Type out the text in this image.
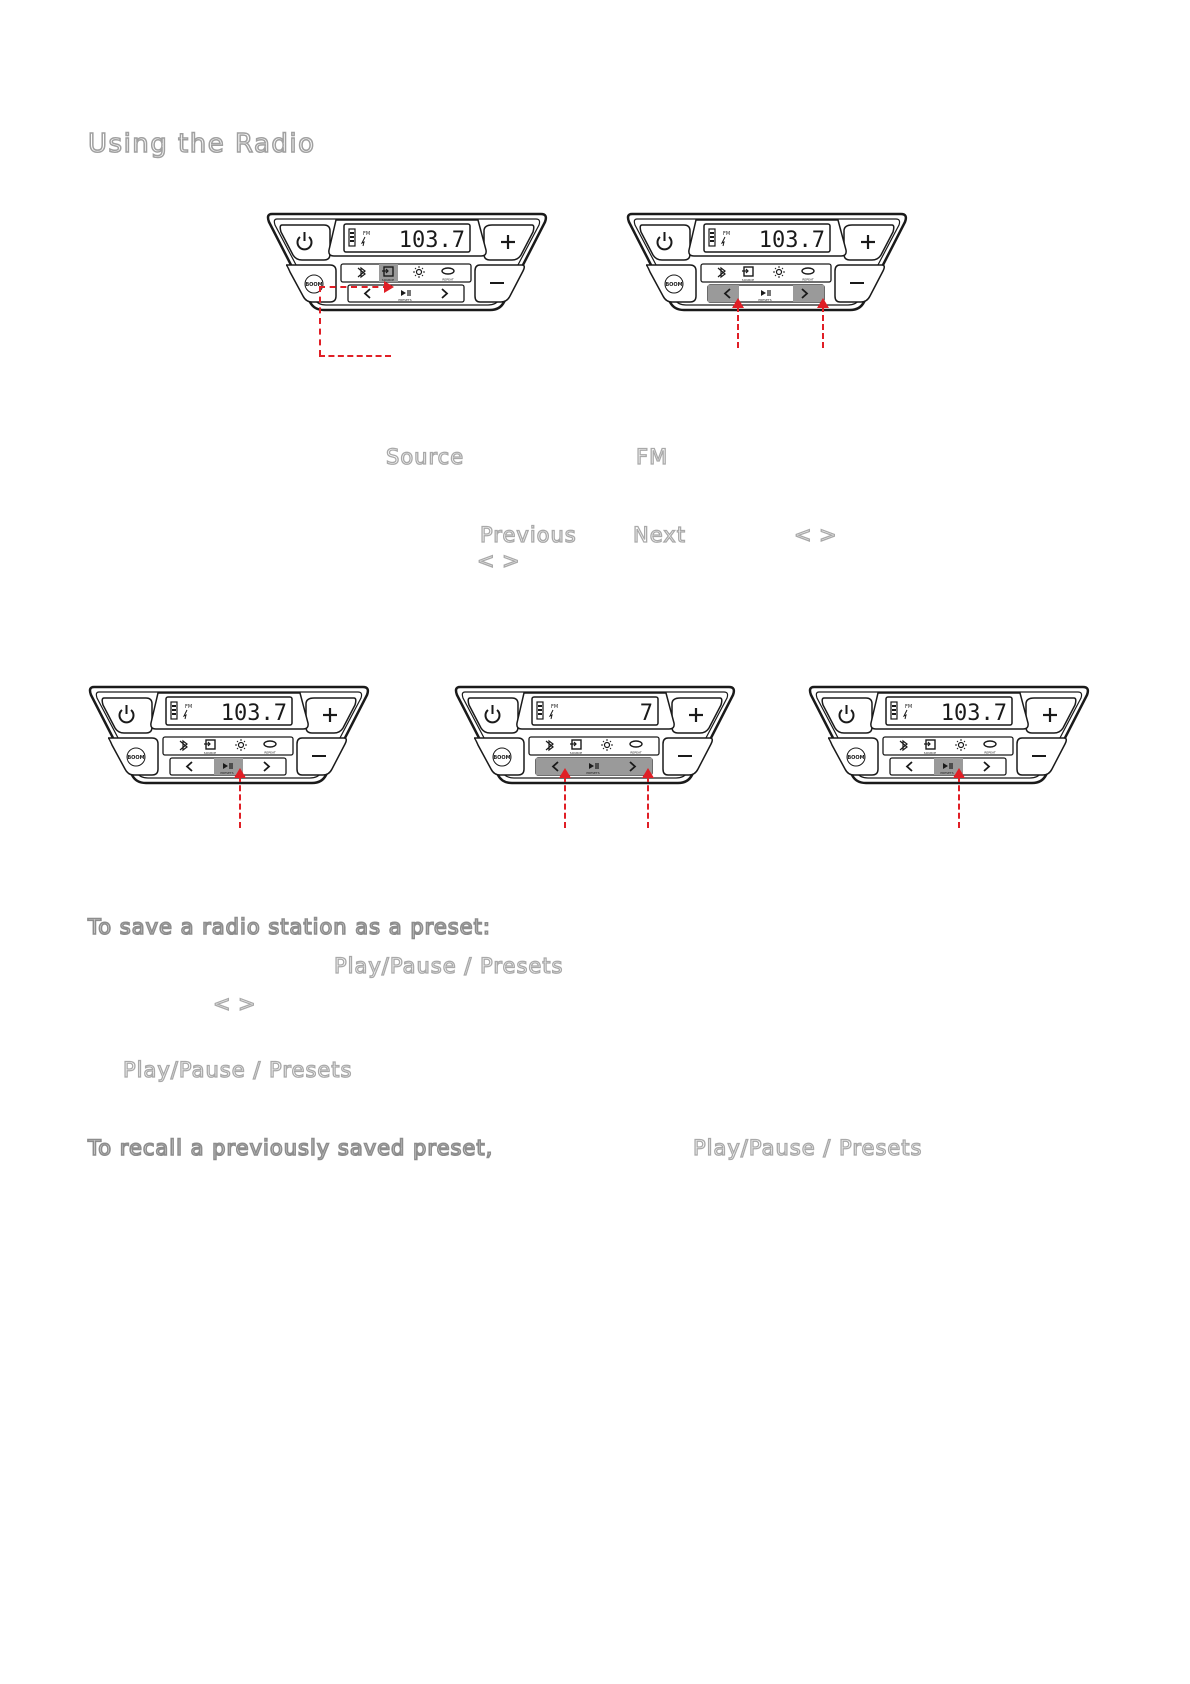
Using the Radio
FM 103.7
SOURCE	REPEAT
PRESETS
BOOM
FM 103.7
SOURCE	REPEAT
PRESETS
BOOM
FM 103.7
SOURCE	REPEAT
PRESETS
BOOM
FM	7
SOURCE	REPEAT
PRESETS
BOOM
FM 103.7
SOURCE	REPEAT
PRESETS
BOOM
Source	FM
Previous	Next	< >
< >
To save a radio station as a preset:
Play/Pause / Presets
< >
Play/Pause / Presets
To recall a previously saved preset,	Play/Pause / Presets
